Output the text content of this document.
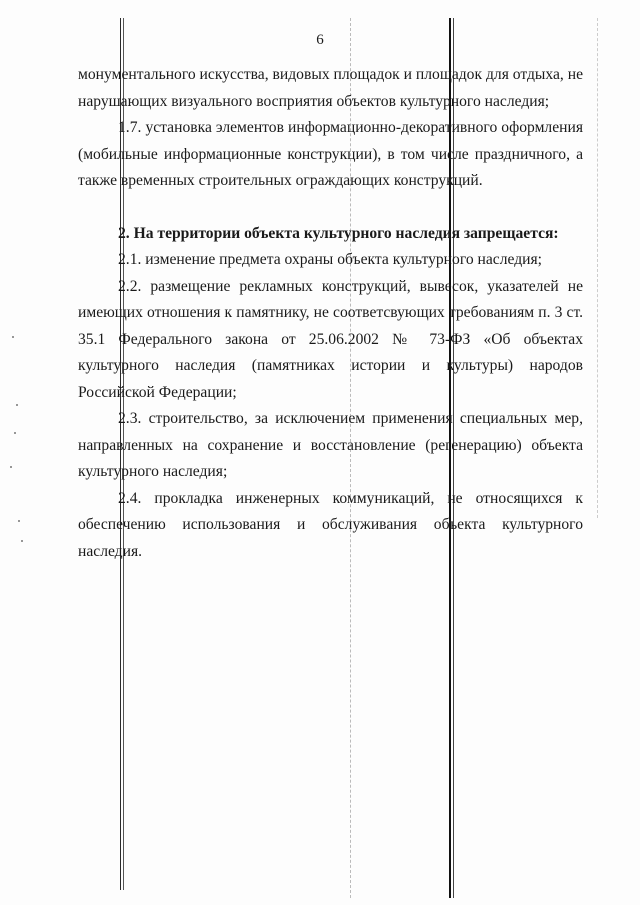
6

монументального искусства, видовых площадок и площадок для отдыха, не нарушающих визуального восприятия объектов культурного наследия;

1.7. установка элементов информационно-декоративного оформления (мобильные информационные конструкции), в том числе праздничного, а также временных строительных ограждающих конструкций.

2. На территории объекта культурного наследия запрещается:

2.1. изменение предмета охраны объекта культурного наследия;

2.2. размещение рекламных конструкций, вывесок, указателей не имеющих отношения к памятнику, не соответсвующих требованиям п. 3 ст. 35.1 Федерального закона от 25.06.2002 № 73-ФЗ «Об объектах культурного наследия (памятниках истории и культуры) народов Российской Федерации;

2.3. строительство, за исключением применения специальных мер, направленных на сохранение и восстановление (регенерацию) объекта культурного наследия;

2.4. прокладка инженерных коммуникаций, не относящихся к обеспечению использования и обслуживания объекта культурного наследия.
